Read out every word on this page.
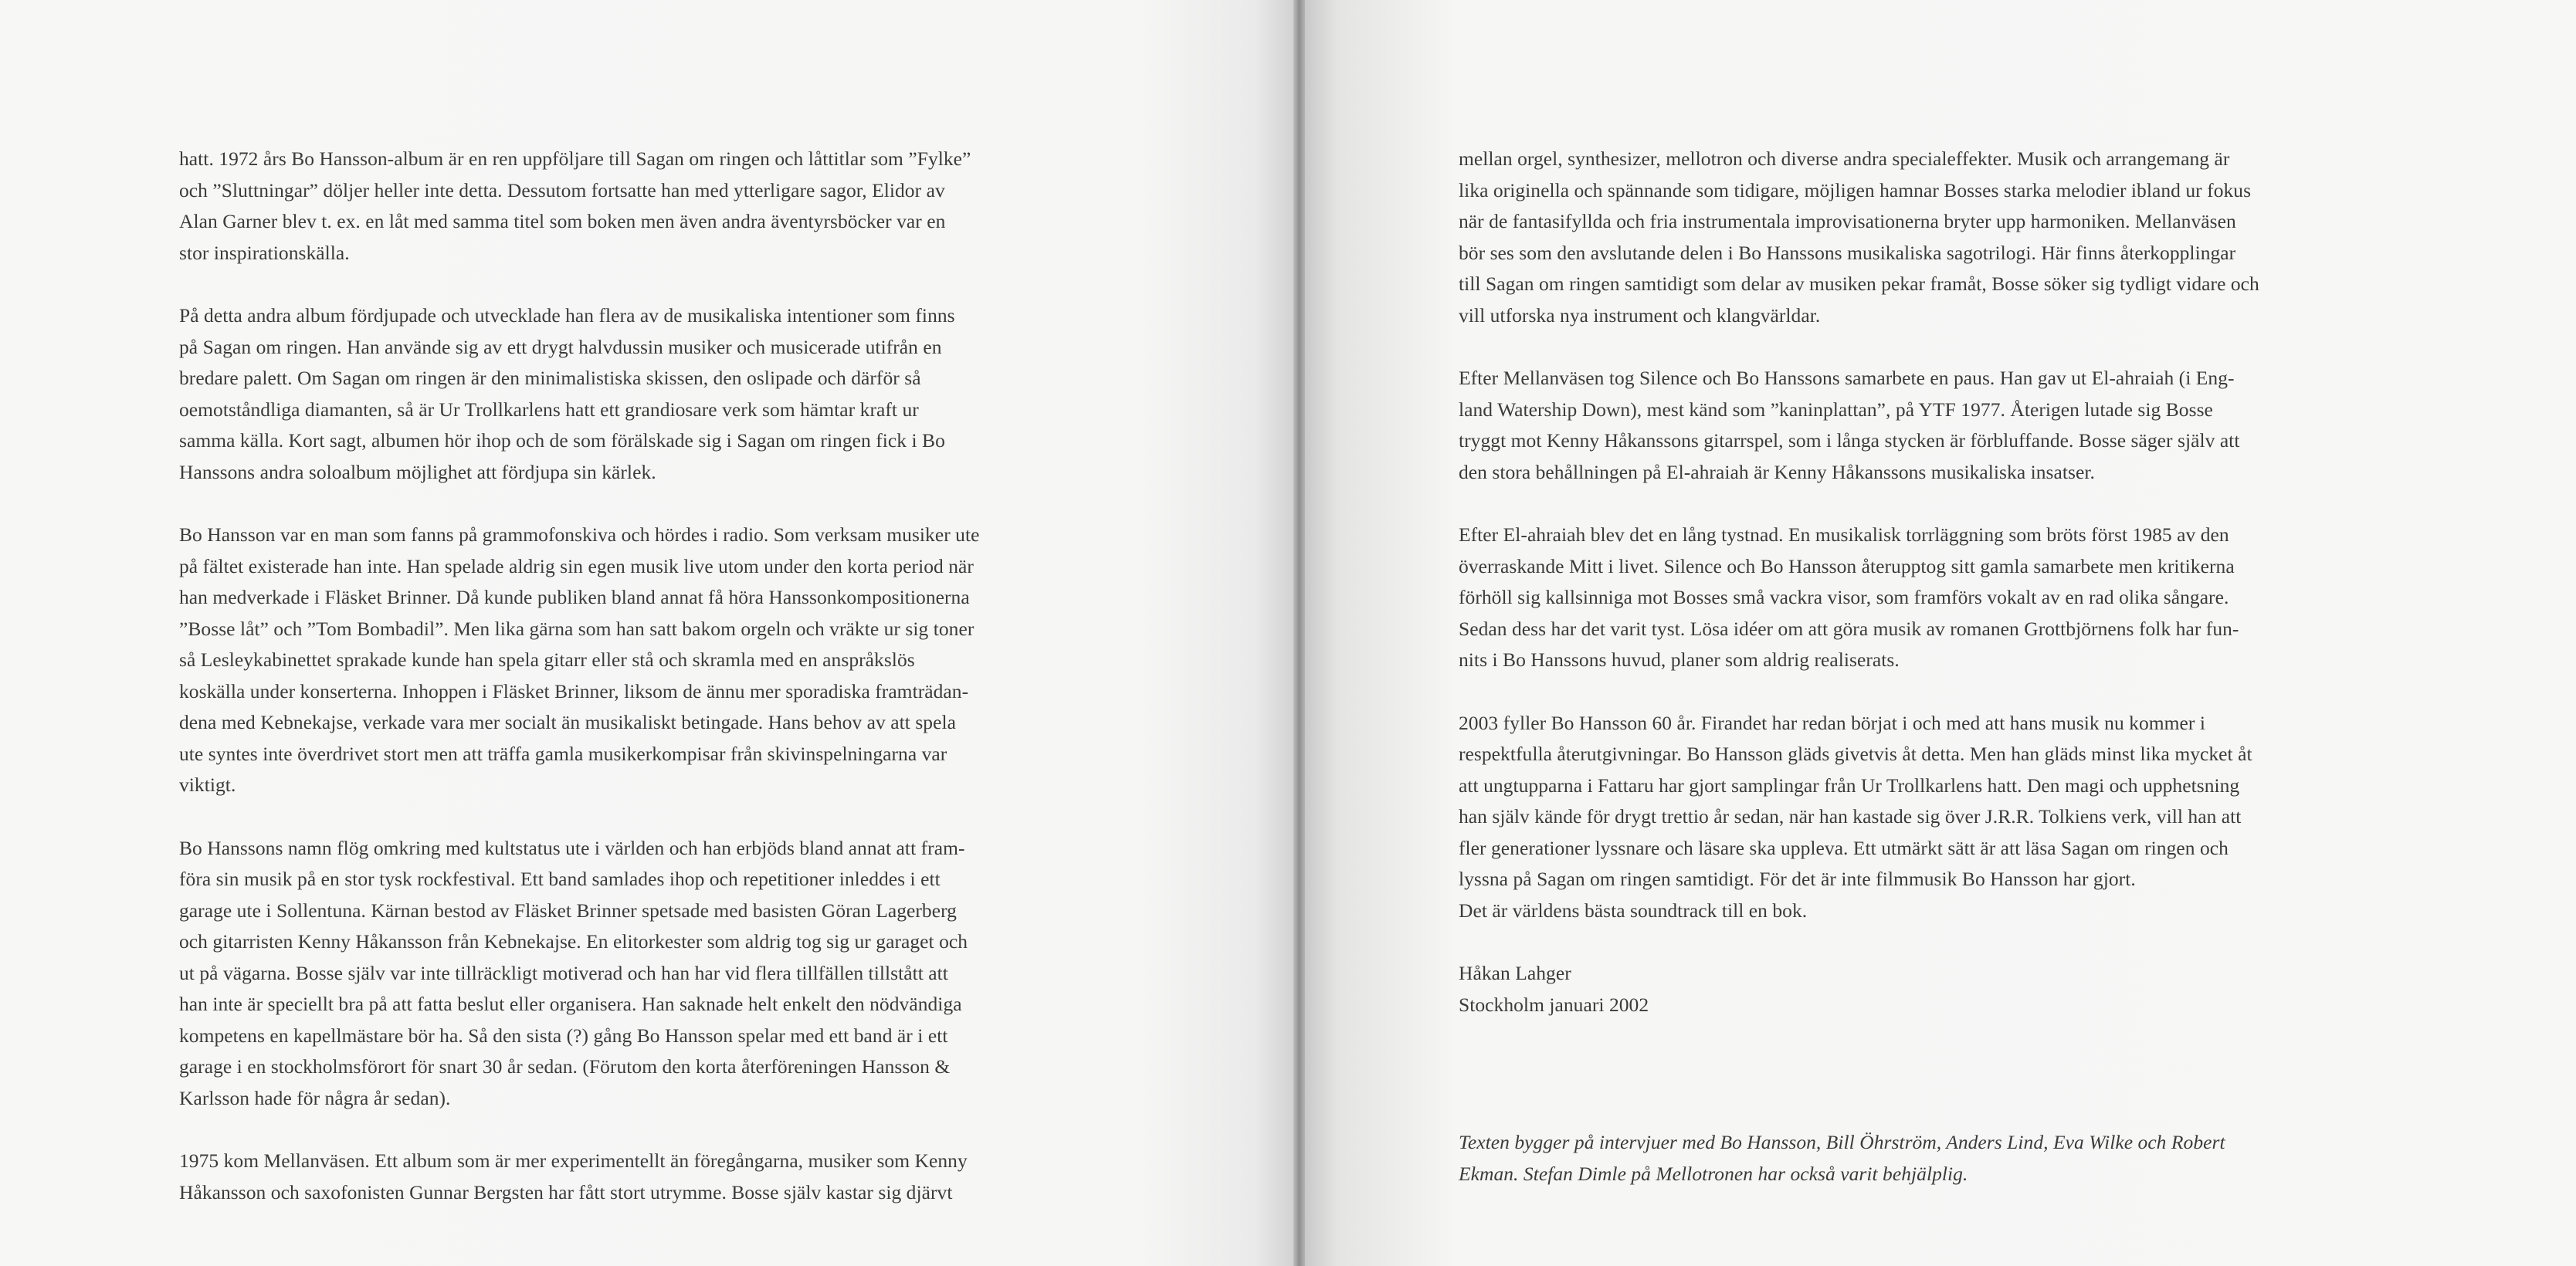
hatt. 1972 års Bo Hansson-album är en ren uppföljare till Sagan om ringen och låttitlar som ”Fylke”
och ”Sluttningar” döljer heller inte detta. Dessutom fortsatte han med ytterligare sagor, Elidor av
Alan Garner blev t. ex. en låt med samma titel som boken men även andra äventyrsböcker var en
stor inspirationskälla.
På detta andra album fördjupade och utvecklade han flera av de musikaliska intentioner som finns
på Sagan om ringen. Han använde sig av ett drygt halvdussin musiker och musicerade utifrån en
bredare palett. Om Sagan om ringen är den minimalistiska skissen, den oslipade och därför så
oemotståndliga diamanten, så är Ur Trollkarlens hatt ett grandiosare verk som hämtar kraft ur
samma källa. Kort sagt, albumen hör ihop och de som förälskade sig i Sagan om ringen fick i Bo
Hanssons andra soloalbum möjlighet att fördjupa sin kärlek.
Bo Hansson var en man som fanns på grammofonskiva och hördes i radio. Som verksam musiker ute
på fältet existerade han inte. Han spelade aldrig sin egen musik live utom under den korta period när
han medverkade i Fläsket Brinner. Då kunde publiken bland annat få höra Hanssonkompositionerna
”Bosse låt” och ”Tom Bombadil”. Men lika gärna som han satt bakom orgeln och vräkte ur sig toner
så Lesleykabinettet sprakade kunde han spela gitarr eller stå och skramla med en anspråkslös
koskälla under konserterna. Inhoppen i Fläsket Brinner, liksom de ännu mer sporadiska framträdan-
dena med Kebnekajse, verkade vara mer socialt än musikaliskt betingade. Hans behov av att spela
ute syntes inte överdrivet stort men att träffa gamla musikerkompisar från skivinspelningarna var
viktigt.
Bo Hanssons namn flög omkring med kultstatus ute i världen och han erbjöds bland annat att fram-
föra sin musik på en stor tysk rockfestival. Ett band samlades ihop och repetitioner inleddes i ett
garage ute i Sollentuna. Kärnan bestod av Fläsket Brinner spetsade med basisten Göran Lagerberg
och gitarristen Kenny Håkansson från Kebnekajse. En elitorkester som aldrig tog sig ur garaget och
ut på vägarna. Bosse själv var inte tillräckligt motiverad och han har vid flera tillfällen tillstått att
han inte är speciellt bra på att fatta beslut eller organisera. Han saknade helt enkelt den nödvändiga
kompetens en kapellmästare bör ha. Så den sista (?) gång Bo Hansson spelar med ett band är i ett
garage i en stockholmsförort för snart 30 år sedan. (Förutom den korta återföreningen Hansson &
Karlsson hade för några år sedan).
1975 kom Mellanväsen. Ett album som är mer experimentellt än föregångarna, musiker som Kenny
Håkansson och saxofonisten Gunnar Bergsten har fått stort utrymme. Bosse själv kastar sig djärvt
mellan orgel, synthesizer, mellotron och diverse andra specialeffekter. Musik och arrangemang är
lika originella och spännande som tidigare, möjligen hamnar Bosses starka melodier ibland ur fokus
när de fantasifyllda och fria instrumentala improvisationerna bryter upp harmoniken. Mellanväsen
bör ses som den avslutande delen i Bo Hanssons musikaliska sagotrilogi. Här finns återkopplingar
till Sagan om ringen samtidigt som delar av musiken pekar framåt, Bosse söker sig tydligt vidare och
vill utforska nya instrument och klangvärldar.
Efter Mellanväsen tog Silence och Bo Hanssons samarbete en paus. Han gav ut El-ahraiah (i Eng-
land Watership Down), mest känd som ”kaninplattan”, på YTF 1977. Återigen lutade sig Bosse
tryggt mot Kenny Håkanssons gitarrspel, som i långa stycken är förbluffande. Bosse säger själv att
den stora behållningen på El-ahraiah är Kenny Håkanssons musikaliska insatser.
Efter El-ahraiah blev det en lång tystnad. En musikalisk torrläggning som bröts först 1985 av den
överraskande Mitt i livet. Silence och Bo Hansson återupptog sitt gamla samarbete men kritikerna
förhöll sig kallsinniga mot Bosses små vackra visor, som framförs vokalt av en rad olika sångare.
Sedan dess har det varit tyst. Lösa idéer om att göra musik av romanen Grottbjörnens folk har fun-
nits i Bo Hanssons huvud, planer som aldrig realiserats.
2003 fyller Bo Hansson 60 år. Firandet har redan börjat i och med att hans musik nu kommer i
respektfulla återutgivningar. Bo Hansson gläds givetvis åt detta. Men han gläds minst lika mycket åt
att ungtupparna i Fattaru har gjort samplingar från Ur Trollkarlens hatt. Den magi och upphetsning
han själv kände för drygt trettio år sedan, när han kastade sig över J.R.R. Tolkiens verk, vill han att
fler generationer lyssnare och läsare ska uppleva. Ett utmärkt sätt är att läsa Sagan om ringen och
lyssna på Sagan om ringen samtidigt. För det är inte filmmusik Bo Hansson har gjort.
Det är världens bästa soundtrack till en bok.
Håkan Lahger
Stockholm januari 2002
Texten bygger på intervjuer med Bo Hansson, Bill Öhrström, Anders Lind, Eva Wilke och Robert
Ekman. Stefan Dimle på Mellotronen har också varit behjälplig.
